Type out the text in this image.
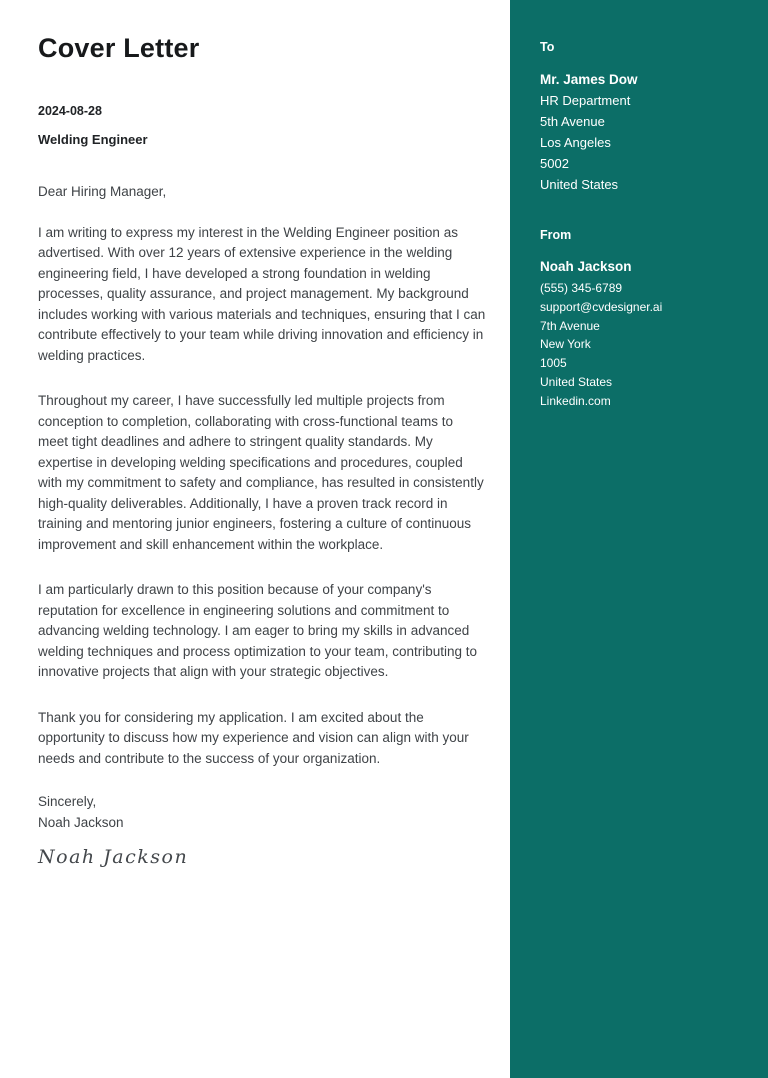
Cover Letter
2024-08-28
Welding Engineer
Dear Hiring Manager,

I am writing to express my interest in the Welding Engineer position as advertised. With over 12 years of extensive experience in the welding engineering field, I have developed a strong foundation in welding processes, quality assurance, and project management. My background includes working with various materials and techniques, ensuring that I can contribute effectively to your team while driving innovation and efficiency in welding practices.

Throughout my career, I have successfully led multiple projects from conception to completion, collaborating with cross-functional teams to meet tight deadlines and adhere to stringent quality standards. My expertise in developing welding specifications and procedures, coupled with my commitment to safety and compliance, has resulted in consistently high-quality deliverables. Additionally, I have a proven track record in training and mentoring junior engineers, fostering a culture of continuous improvement and skill enhancement within the workplace.

I am particularly drawn to this position because of your company's reputation for excellence in engineering solutions and commitment to advancing welding technology. I am eager to bring my skills in advanced welding techniques and process optimization to your team, contributing to innovative projects that align with your strategic objectives.

Thank you for considering my application. I am excited about the opportunity to discuss how my experience and vision can align with your needs and contribute to the success of your organization.

Sincerely,
Noah Jackson
Noah Jackson
To
Mr. James Dow
HR Department
5th Avenue
Los Angeles
5002
United States
From
Noah Jackson
(555) 345-6789
support@cvdesigner.ai
7th Avenue
New York
1005
United States
Linkedin.com
